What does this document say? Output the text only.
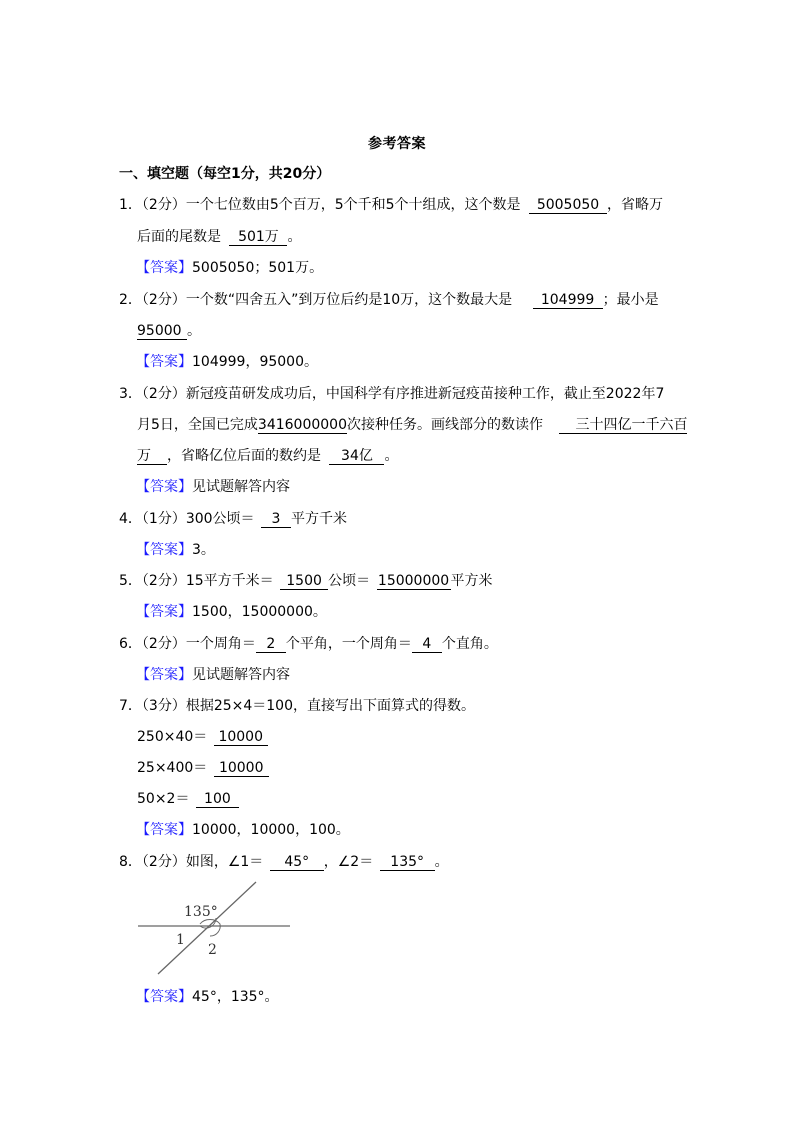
参考答案
一、填空题（每空1分，共20分）
1．（2分）一个七位数由5个百万，5个千和5个十组成，这个数是 5005050 ，省略万
后面的尾数是 501万 。
【答案】5005050；501万。
2．（2分）一个数“四舍五入”到万位后约是10万，这个数最大是 104999 ；最小是
95000 。
【答案】104999，95000。
3．（2分）新冠疫苗研发成功后，中国科学有序推进新冠疫苗接种工作，截止至2022年7
月5日，全国已完成3416000000次接种任务。画线部分的数读作 三十四亿一千六百
万 ，省略亿位后面的数约是 34亿 。
【答案】见试题解答内容
4．（1分）300公顷＝ 3 平方千米
【答案】3。
5．（2分）15平方千米＝ 1500 公顷＝ 15000000平方米
【答案】1500，15000000。
6．（2分）一个周角＝ 2 个平角，一个周角＝ 4 个直角。
【答案】见试题解答内容
7．（3分）根据25×4＝100，直接写出下面算式的得数。
250×40＝ 10000
25×400＝ 10000
50×2＝ 100
【答案】10000，10000，100。
8．（2分）如图，∠1＝ 45° ，∠2＝ 135° 。
135°
1
2
【答案】45°，135°。
